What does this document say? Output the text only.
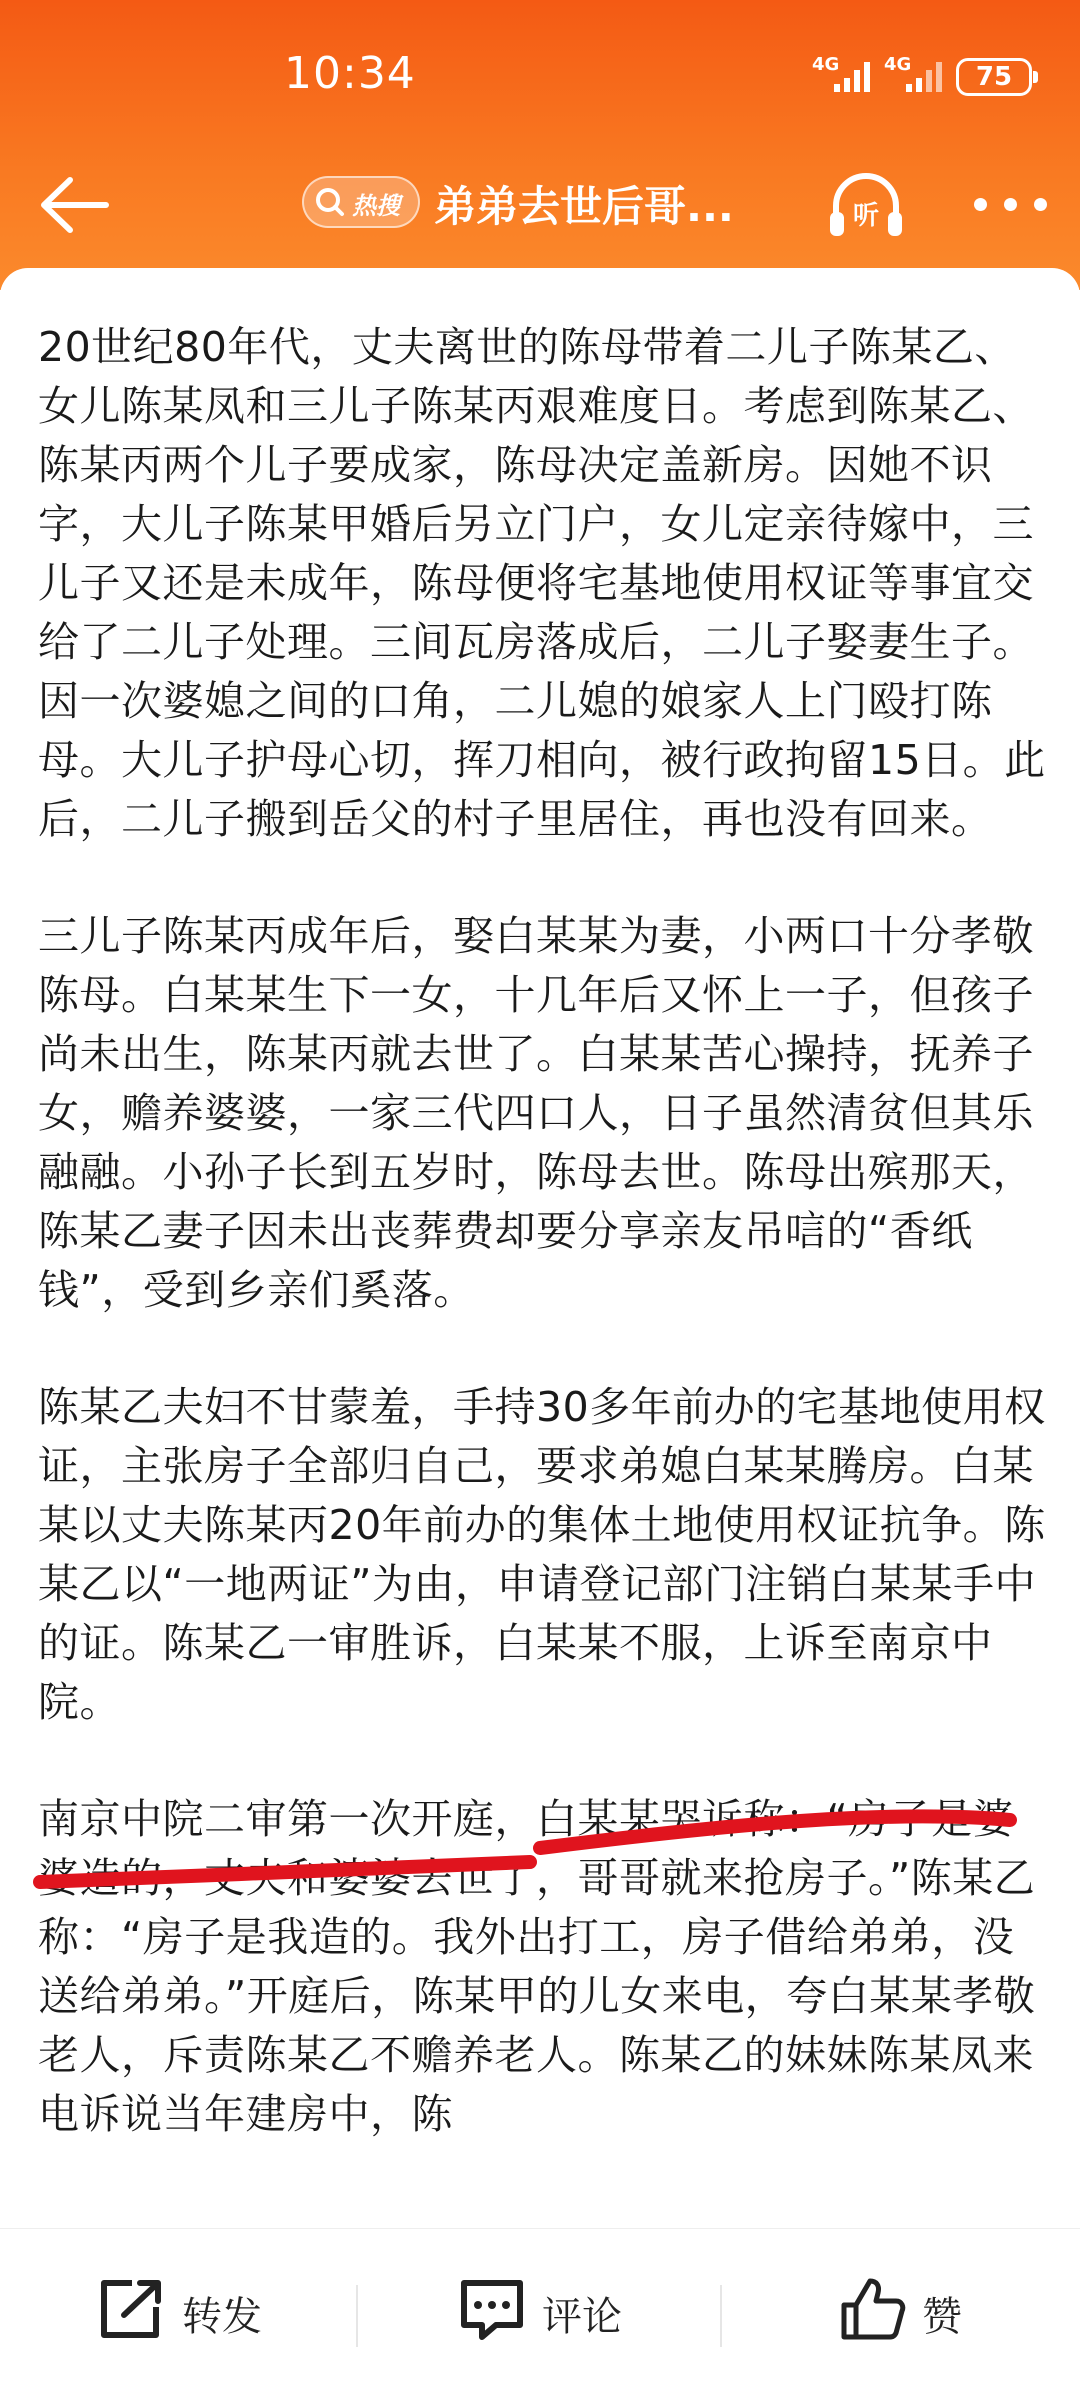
10:34	4G 4G	75
热搜 弟弟去世后哥...	听

20世纪80年代，丈夫离世的陈母带着二儿子陈某乙、女儿陈某凤和三儿子陈某丙艰难度日。考虑到陈某乙、陈某丙两个儿子要成家，陈母决定盖新房。因她不识字，大儿子陈某甲婚后另立门户，女儿定亲待嫁中，三儿子又还是未成年，陈母便将宅基地使用权证等事宜交给了二儿子处理。三间瓦房落成后，二儿子娶妻生子。因一次婆媳之间的口角，二儿媳的娘家人上门殴打陈母。大儿子护母心切，挥刀相向，被行政拘留15日。此后，二儿子搬到岳父的村子里居住，再也没有回来。

三儿子陈某丙成年后，娶白某某为妻，小两口十分孝敬陈母。白某某生下一女，十几年后又怀上一子，但孩子尚未出生，陈某丙就去世了。白某某苦心操持，抚养子女，赡养婆婆，一家三代四口人，日子虽然清贫但其乐融融。小孙子长到五岁时，陈母去世。陈母出殡那天，陈某乙妻子因未出丧葬费却要分享亲友吊唁的“香纸钱”，受到乡亲们奚落。

陈某乙夫妇不甘蒙羞，手持30多年前办的宅基地使用权证，主张房子全部归自己，要求弟媳白某某腾房。白某某以丈夫陈某丙20年前办的集体土地使用权证抗争。陈某乙以“一地两证”为由，申请登记部门注销白某某手中的证。陈某乙一审胜诉，白某某不服，上诉至南京中院。

南京中院二审第一次开庭，白某某哭诉称：“房子是婆婆造的，丈夫和婆婆去世了，哥哥就来抢房子。”陈某乙称：“房子是我造的。我外出打工，房子借给弟弟，没送给弟弟。”开庭后，陈某甲的儿女来电，夸白某某孝敬老人，斥责陈某乙不赡养老人。陈某乙的妹妹陈某凤来电诉说当年建房中，陈

转发	评论	赞
